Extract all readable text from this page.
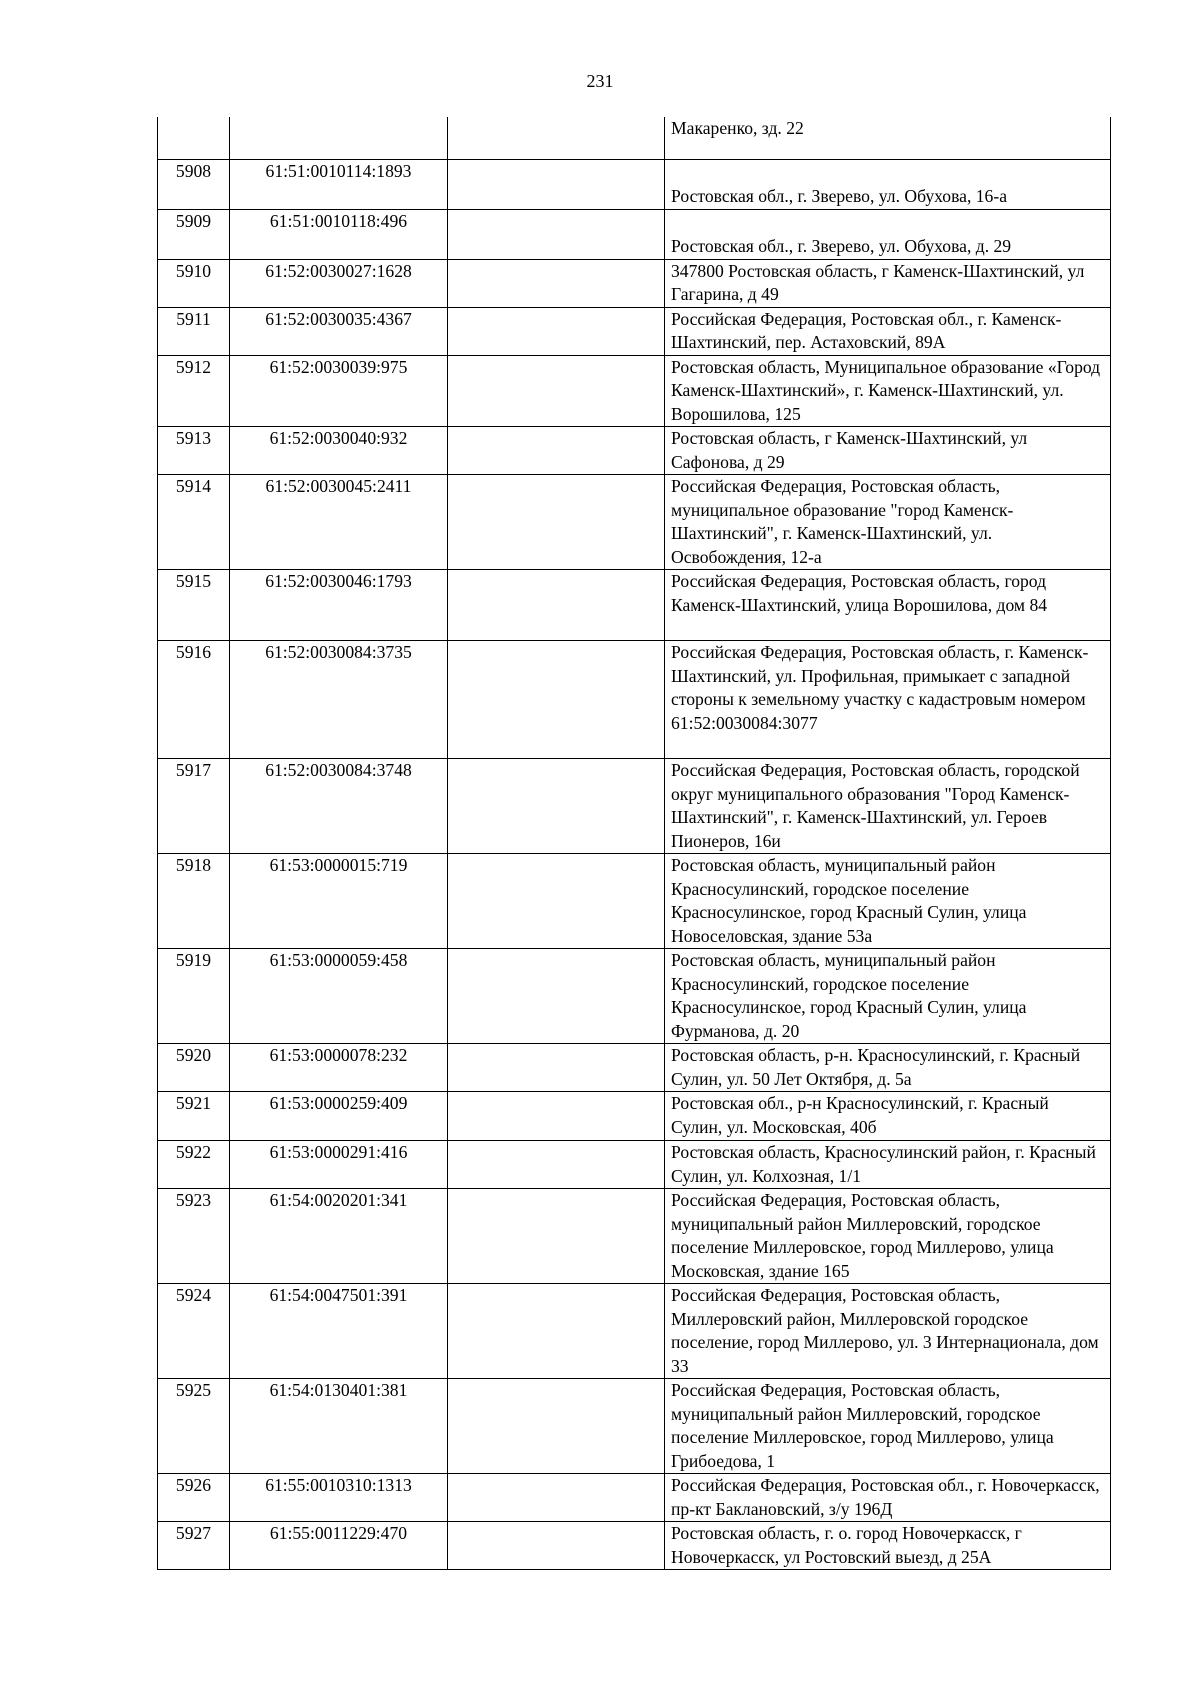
231
			Макаренко, зд. 22
5908	61:51:0010114:1893		Ростовская обл., г. Зверево, ул. Обухова, 16-а
5909	61:51:0010118:496		Ростовская обл., г. Зверево, ул. Обухова, д. 29
5910	61:52:0030027:1628		347800 Ростовская область, г Каменск-Шахтинский, ул Гагарина, д 49
5911	61:52:0030035:4367		Российская Федерация, Ростовская обл., г. Каменск-Шахтинский, пер. Астаховский, 89А
5912	61:52:0030039:975		Ростовская область, Муниципальное образование «Город Каменск-Шахтинский», г. Каменск-Шахтинский, ул. Ворошилова, 125
5913	61:52:0030040:932		Ростовская область, г Каменск-Шахтинский, ул Сафонова, д 29
5914	61:52:0030045:2411		Российская Федерация, Ростовская область, муниципальное образование "город Каменск-Шахтинский", г. Каменск-Шахтинский, ул. Освобождения, 12-а
5915	61:52:0030046:1793		Российская Федерация, Ростовская область, город Каменск-Шахтинский, улица Ворошилова, дом 84
5916	61:52:0030084:3735		Российская Федерация, Ростовская область, г. Каменск-Шахтинский, ул. Профильная, примыкает с западной стороны к земельному участку с кадастровым номером 61:52:0030084:3077
5917	61:52:0030084:3748		Российская Федерация, Ростовская область, городской округ муниципального образования "Город Каменск-Шахтинский", г. Каменск-Шахтинский, ул. Героев Пионеров, 16и
5918	61:53:0000015:719		Ростовская область, муниципальный район Красносулинский, городское поселение Красносулинское, город Красный Сулин, улица Новоселовская, здание 53а
5919	61:53:0000059:458		Ростовская область, муниципальный район Красносулинский, городское поселение Красносулинское, город Красный Сулин, улица Фурманова, д. 20
5920	61:53:0000078:232		Ростовская область, р-н. Красносулинский, г. Красный Сулин, ул. 50 Лет Октября, д. 5а
5921	61:53:0000259:409		Ростовская обл., р-н Красносулинский, г. Красный Сулин, ул. Московская, 40б
5922	61:53:0000291:416		Ростовская область, Красносулинский район, г. Красный Сулин, ул. Колхозная, 1/1
5923	61:54:0020201:341		Российская Федерация, Ростовская область, муниципальный район Миллеровский, городское поселение Миллеровское, город Миллерово, улица Московская, здание 165
5924	61:54:0047501:391		Российская Федерация, Ростовская область, Миллеровский район, Миллеровской городское поселение, город Миллерово, ул. 3 Интернационала, дом 33
5925	61:54:0130401:381		Российская Федерация, Ростовская область, муниципальный район Миллеровский, городское поселение Миллеровское, город Миллерово, улица Грибоедова, 1
5926	61:55:0010310:1313		Российская Федерация, Ростовская обл., г. Новочеркасск, пр-кт Баклановский, з/у 196Д
5927	61:55:0011229:470		Ростовская область, г. о. город Новочеркасск, г Новочеркасск, ул Ростовский выезд, д 25А
